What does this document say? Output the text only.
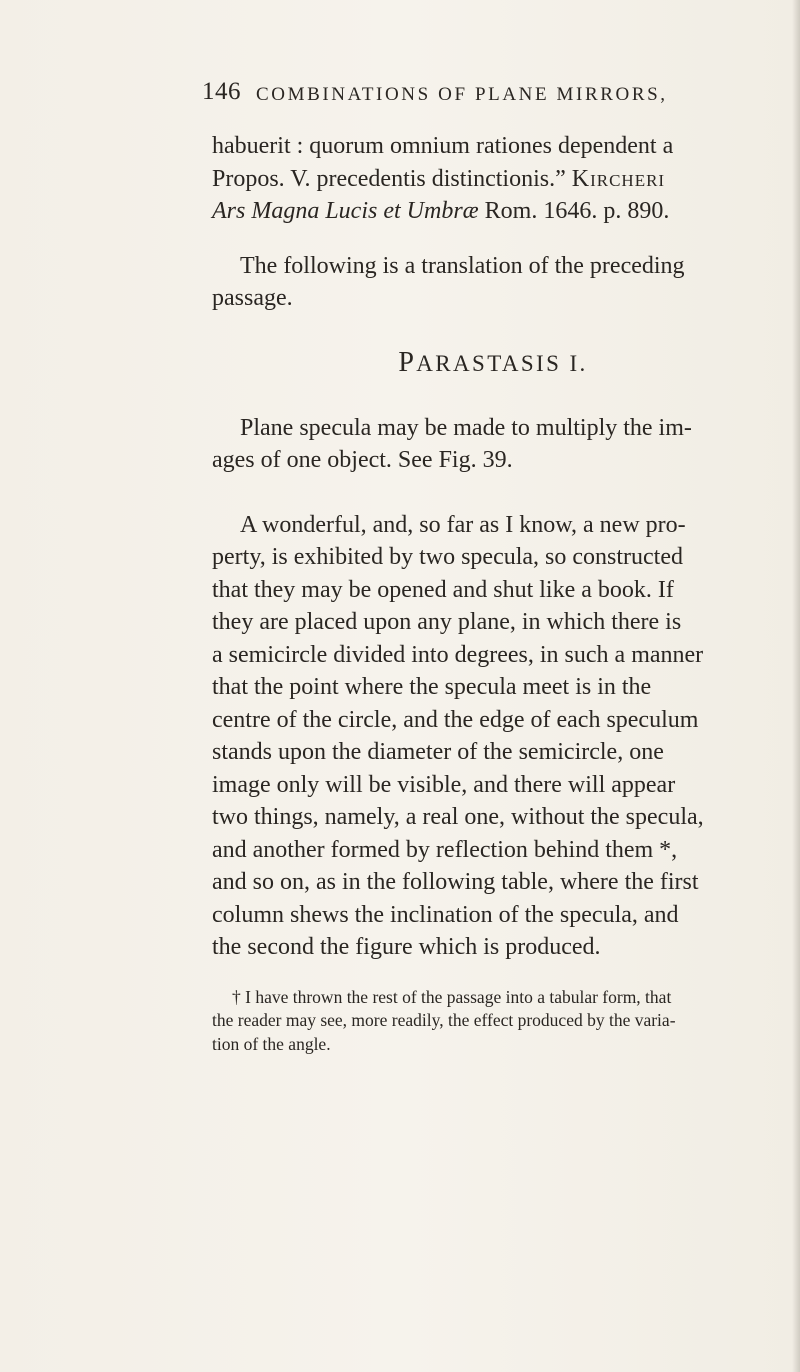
146 COMBINATIONS OF PLANE MIRRORS,

habuerit : quorum omnium rationes dependent a
Propos. V. precedentis distinctionis.” Kircheri
Ars Magna Lucis et Umbræ Rom. 1646. p. 890.

The following is a translation of the preceding
passage.

PARASTASIS I.

Plane specula may be made to multiply the im-
ages of one object. See Fig. 39.

A wonderful, and, so far as I know, a new pro-
perty, is exhibited by two specula, so constructed
that they may be opened and shut like a book. If
they are placed upon any plane, in which there is
a semicircle divided into degrees, in such a manner
that the point where the specula meet is in the
centre of the circle, and the edge of each speculum
stands upon the diameter of the semicircle, one
image only will be visible, and there will appear
two things, namely, a real one, without the specula,
and another formed by reflection behind them *,
and so on, as in the following table, where the first
column shews the inclination of the specula, and
the second the figure which is produced.

† I have thrown the rest of the passage into a tabular form, that
the reader may see, more readily, the effect produced by the varia-
tion of the angle.
